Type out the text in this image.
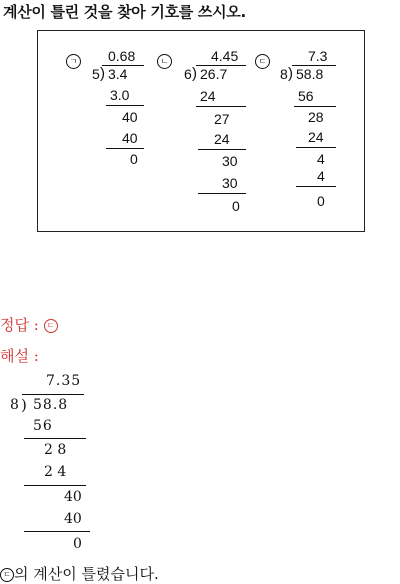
계산이 틀린 것을 찾아 기호를 쓰시오.
ㄱ 0.68
5 ) 3.4
3.0
40
40
0
ㄴ	4.45
6 ) 26.7
24
27
24
30
30
0
ㄷ	7.3
8 ) 58.8
56
28
24
4
4
0
정답 : ㄷ
해설 :
7.35
8 ) 58.8
56
2 8
2 4
40
40
0
ㄷ 의 계산이 틀렸습니다.
